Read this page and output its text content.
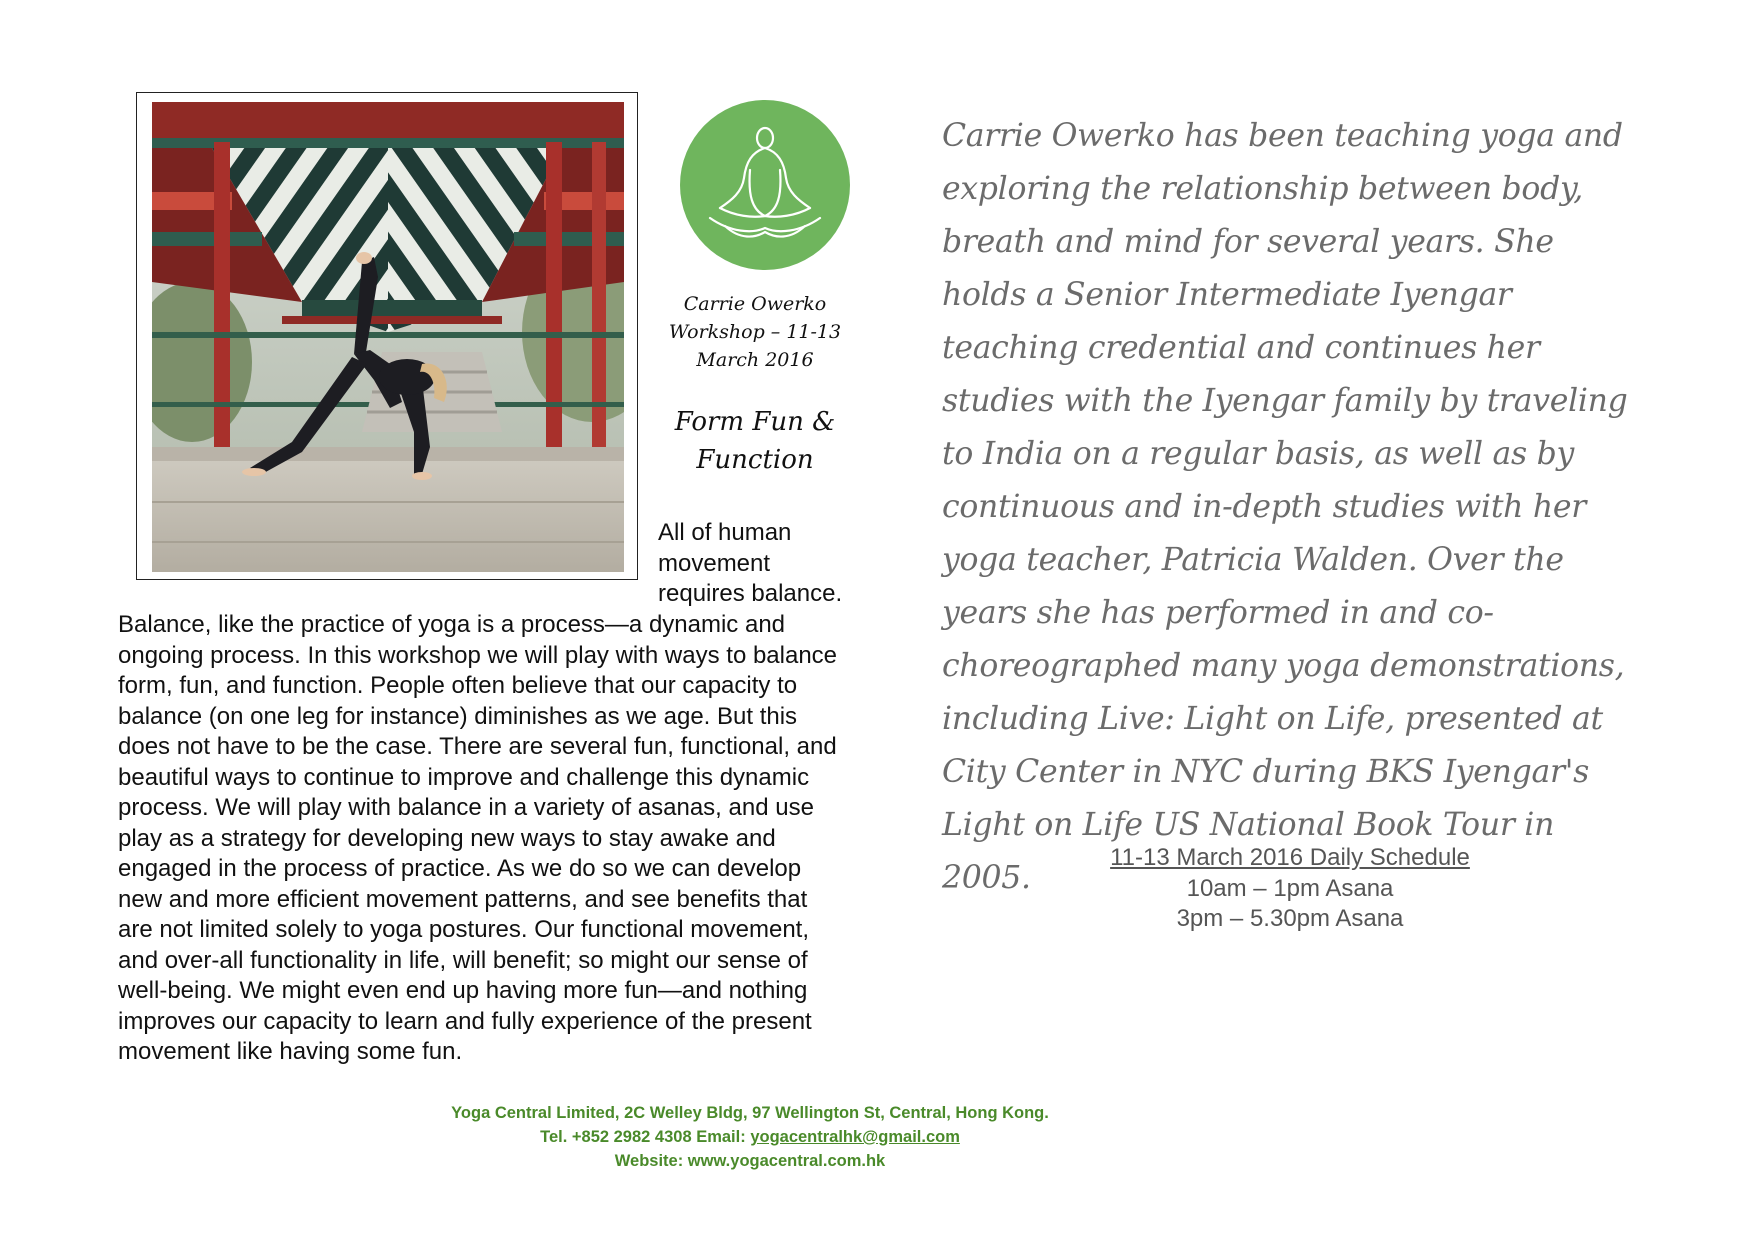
Carrie Owerko
Workshop – 11-13
March 2016
Form Fun &
Function
All of human
movement
requires balance.

Balance, like the practice of yoga is a process—a dynamic and ongoing process. In this workshop we will play with ways to balance form, fun, and function. People often believe that our capacity to balance (on one leg for instance) diminishes as we age. But this does not have to be the case. There are several fun, functional, and beautiful ways to continue to improve and challenge this dynamic process. We will play with balance in a variety of asanas, and use play as a strategy for developing new ways to stay awake and engaged in the process of practice. As we do so we can develop new and more efficient movement patterns, and see benefits that are not limited solely to yoga postures. Our functional movement, and over-all functionality in life, will benefit; so might our sense of well-being. We might even end up having more fun—and nothing improves our capacity to learn and fully experience of the present movement like having some fun.

Carrie Owerko has been teaching yoga and exploring the relationship between body, breath and mind for several years. She holds a Senior Intermediate Iyengar teaching credential and continues her studies with the Iyengar family by traveling to India on a regular basis, as well as by continuous and in-depth studies with her yoga teacher, Patricia Walden. Over the years she has performed in and co-choreographed many yoga demonstrations, including Live: Light on Life, presented at City Center in NYC during BKS Iyengar's Light on Life US National Book Tour in 2005.

11-13 March 2016 Daily Schedule
10am – 1pm Asana
3pm – 5.30pm Asana
Yoga Central Limited, 2C Welley Bldg, 97 Wellington St, Central, Hong Kong.
Tel. +852 2982 4308 Email: yogacentralhk@gmail.com
Website: www.yogacentral.com.hk
